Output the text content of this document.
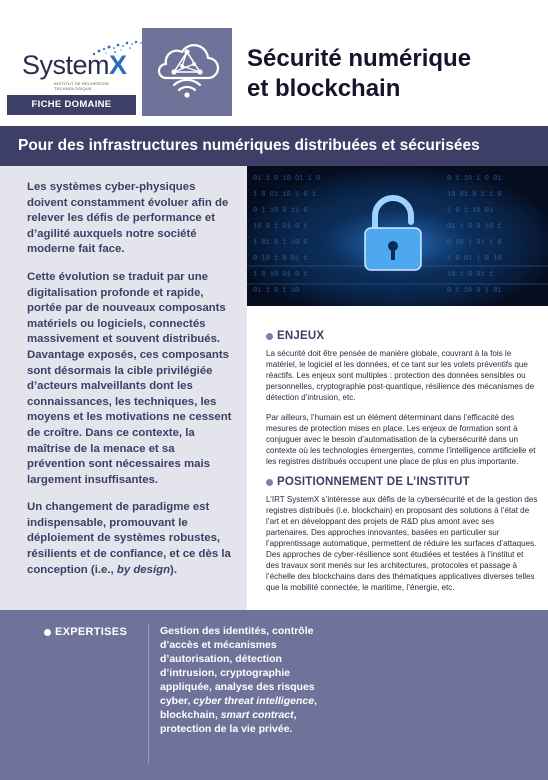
SystemX
INSTITUT DE RECHERCHE TECHNOLOGIQUE
FICHE DOMAINE
Sécurité numérique
et blockchain
Pour des infrastructures numériques distribuées et sécurisées

Les systèmes cyber-physiques doivent constamment évoluer afin de relever les défis de performance et d’agilité auxquels notre société moderne fait face.

Cette évolution se traduit par une digitalisation profonde et rapide, portée par de nouveaux composants matériels ou logiciels, connectés massivement et souvent distribués. Davantage exposés, ces composants sont désormais la cible privilégiée d’acteurs malveillants dont les connaissances, les techniques, les moyens et les motivations ne cessent de croître. Dans ce contexte, la maîtrise de la menace et sa prévention sont nécessaires mais largement insuffisantes.

Un changement de paradigme est indispensable, promouvant le déploiement de systèmes robustes, résilients et de confiance, et ce dès la conception (i.e., by design).

01 1 0 10 01 1 0
1 0 01 10 1 0 1
0 1 10 0 11 0
10 0 1 01 0 1
1 01 0 1 10 0
0 10 1 0 01 1
1 0 10 01 0 1
01 1 0 1 10
0 1 10 1 0 01
10 01 0 1 1 0
1 0 1 10 01
01 1 0 0 10 1
0 10 1 01 1 0
1 0 01 1 0 10
10 1 0 01 1
0 1 10 0 1 01
ENJEUX

La sécurité doit être pensée de manière globale, couvrant à la fois le matériel, le logiciel et les données, et ce tant sur les volets préventifs que réactifs. Les enjeux sont multiples : protection des données sensibles ou personnelles, cryptographie post-quantique, résilience des mécanismes de détection d’intrusion, etc.

Par ailleurs, l’humain est un élément déterminant dans l’efficacité des mesures de protection mises en place. Les enjeux de formation sont à conjuguer avec le besoin d’automatisation de la cybersécurité dans un contexte où les technologies émergentes, comme l’intelligence artificielle et les registres distribués occupent une place de plus en plus importante.

POSITIONNEMENT DE L’INSTITUT

L’IRT SystemX s’intéresse aux défis de la cybersécurité et de la gestion des registres distribués (i.e. blockchain) en proposant des solutions à l’état de l’art et en développant des projets de R&D plus amont avec ses partenaires. Des approches innovantes, basées en particulier sur l’apprentissage automatique, permettent de réduire les surfaces d’attaques. Des approches de cyber-résilience sont étudiées et testées à l’institut et des travaux sont menés sur les architectures, protocoles et passage à l’échelle des blockchains dans des thématiques applicatives diverses telles que la mobilité connectée, le maritime, l’énergie, etc.

EXPERTISES	Gestion des identités, contrôle d’accès et mécanismes d’autorisation, détection d’intrusion, cryptographie appliquée, analyse des risques cyber, cyber threat intelligence, blockchain, smart contract, protection de la vie privée.
